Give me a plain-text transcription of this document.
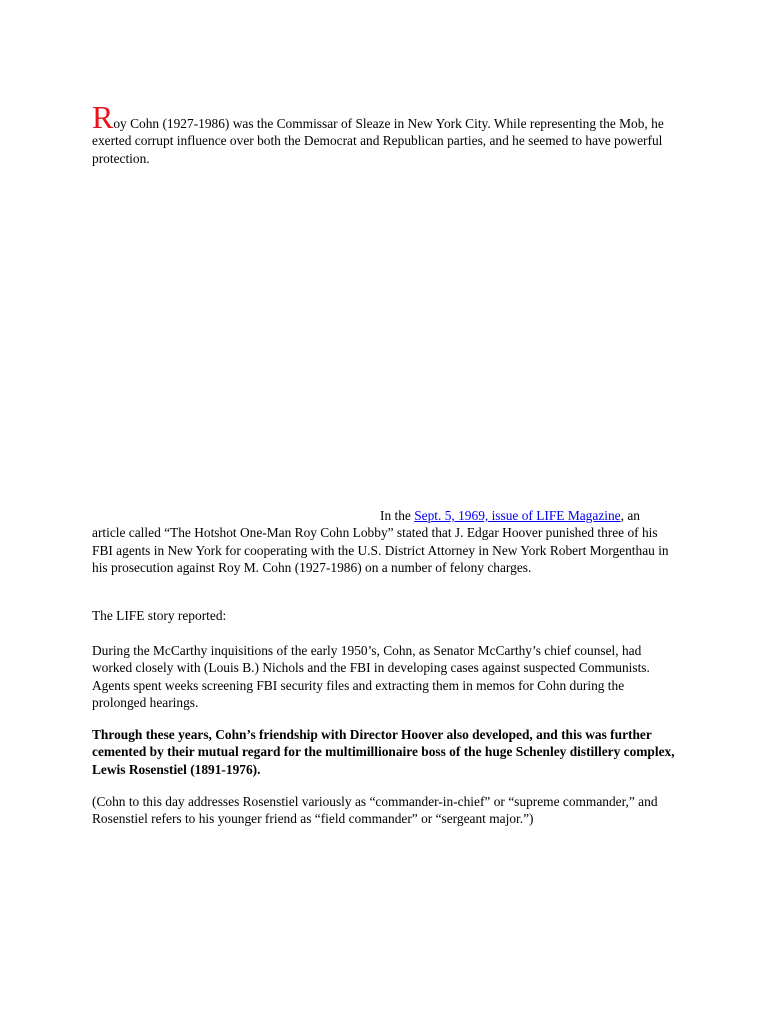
Roy Cohn (1927-1986) was the Commissar of Sleaze in New York City. While representing the Mob, he exerted corrupt influence over both the Democrat and Republican parties, and he seemed to have powerful protection.

In the Sept. 5, 1969, issue of LIFE Magazine, an article called “The Hotshot One-Man Roy Cohn Lobby” stated that J. Edgar Hoover punished three of his FBI agents in New York for cooperating with the U.S. District Attorney in New York Robert Morgenthau in his prosecution against Roy M. Cohn (1927-1986) on a number of felony charges.

The LIFE story reported:

During the McCarthy inquisitions of the early 1950’s, Cohn, as Senator McCarthy’s chief counsel, had worked closely with (Louis B.) Nichols and the FBI in developing cases against suspected Communists. Agents spent weeks screening FBI security files and extracting them in memos for Cohn during the prolonged hearings.

Through these years, Cohn’s friendship with Director Hoover also developed, and this was further cemented by their mutual regard for the multimillionaire boss of the huge Schenley distillery complex, Lewis Rosenstiel (1891-1976).

(Cohn to this day addresses Rosenstiel variously as “commander-in-chief” or “supreme commander,” and Rosenstiel refers to his younger friend as “field commander” or “sergeant major.”)
